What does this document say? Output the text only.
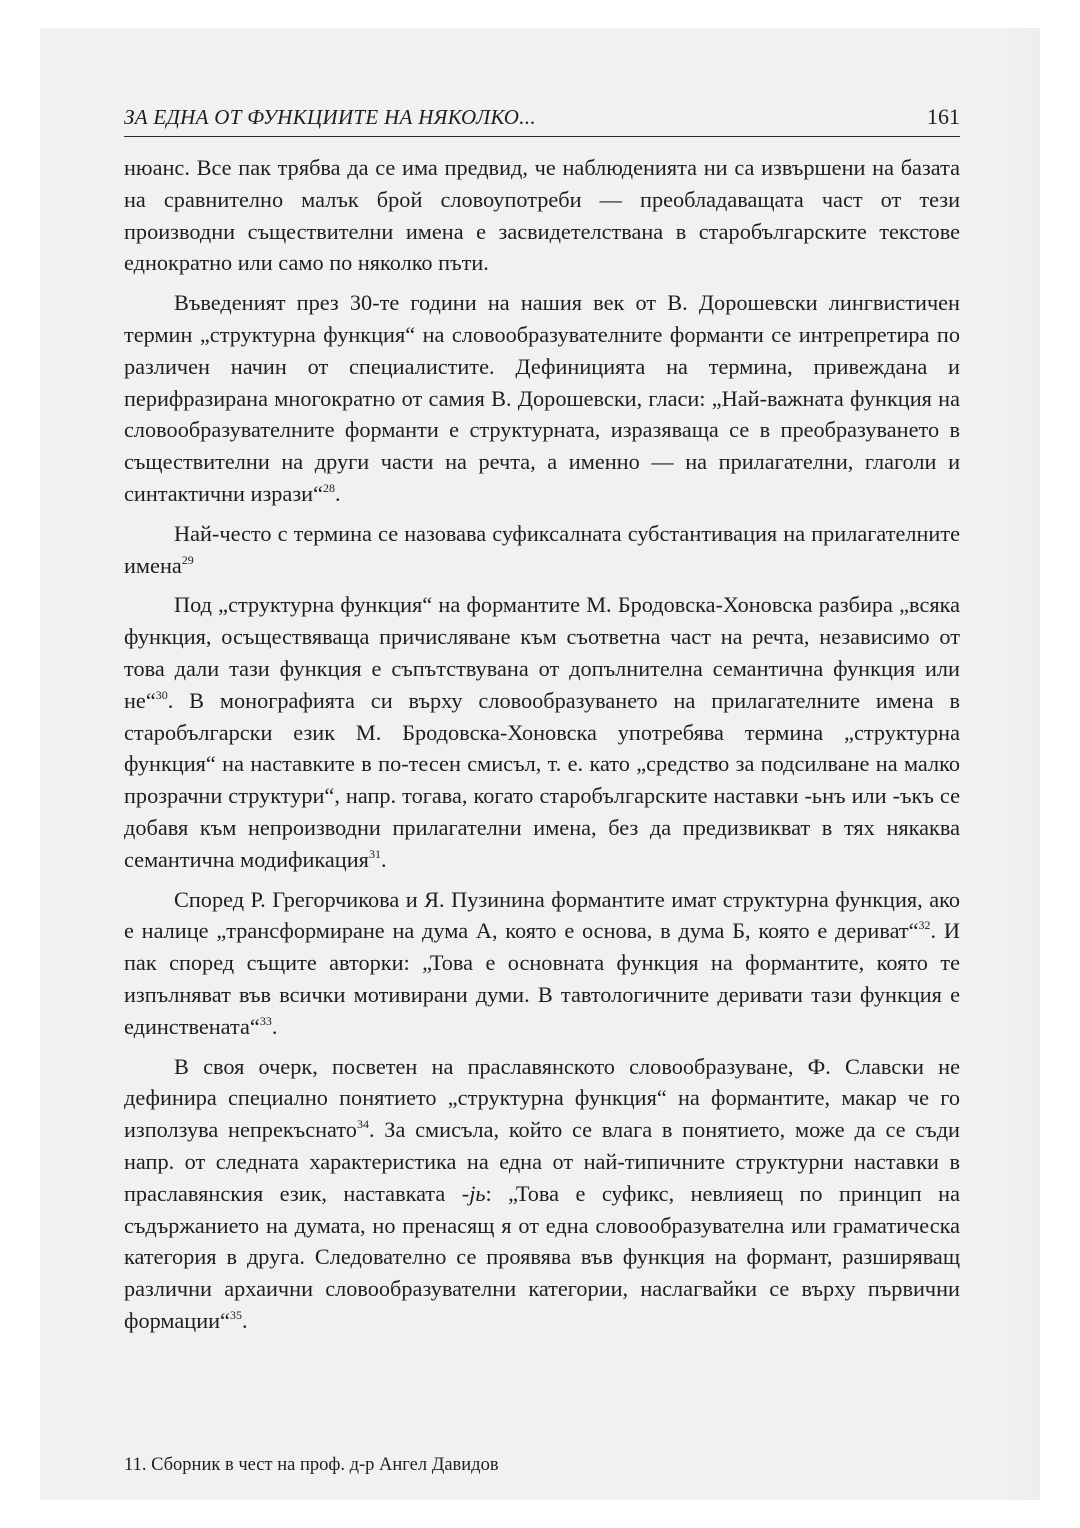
ЗА ЕДНА ОТ ФУНКЦИИТЕ НА НЯКОЛКО...	161

нюанс. Все пак трябва да се има предвид, че наблюденията ни са извършени на базата на сравнително малък брой словоупотреби — преобладаващата част от тези производни съществителни имена е засвидетелствана в старобългарските текстове еднократно или само по няколко пъти.

Въведеният през 30-те години на нашия век от В. Дорошевски лингвистичен термин „структурна функция“ на словообразувателните форманти се интрепретира по различен начин от специалистите. Дефиницията на термина, привеждана и перифразирана многократно от самия В. Дорошевски, гласи: „Най-важната функция на словообразувателните форманти е структурната, изразяваща се в преобразуването в съществителни на други части на речта, а именно — на прилагателни, глаголи и синтактични изрази“$^{28}$.

Най-често с термина се назовава суфиксалната субстантивация на прилагателните имена$^{29}$

Под „структурна функция“ на формантите М. Бродовска-Хоновска разбира „всяка функция, осъществяваща причисляване към съответна част на речта, независимо от това дали тази функция е съпътствувана от допълнителна семантична функция или не“$^{30}$. В монографията си върху словообразуването на прилагателните имена в старобългарски език М. Бродовска-Хоновска употребява термина „структурна функция“ на наставките в по-тесен смисъл, т. е. като „средство за подсилване на малко прозрачни структури“, напр. тогава, когато старобългарските наставки -ьнъ или -ъкъ се добавя към непроизводни прилагателни имена, без да предизвикват в тях някаква семантична модификация$^{31}$.

Според Р. Грегорчикова и Я. Пузинина формантите имат структурна функция, ако е налице „трансформиране на дума А, която е основа, в дума Б, която е дериват“$^{32}$. И пак според същите авторки: „Това е основната функция на формантите, която те изпълняват във всички мотивирани думи. В тавтологичните деривати тази функция е единствената“$^{33}$.

В своя очерк, посветен на праславянското словообразуване, Ф. Славски не дефинира специално понятието „структурна функция“ на формантите, макар че го използува непрекъснато$^{34}$. За смисъла, който се влага в понятието, може да се съди напр. от следната характеристика на една от най-типичните структурни наставки в праславянския език, наставката -jь: „Това е суфикс, невлияещ по принцип на съдържанието на думата, но пренасящ я от една словообразувателна или граматическа категория в друга. Следователно се проявява във функция на формант, разширяващ различни архаични словообразувателни категории, наслагвайки се върху първични формации“$^{35}$.

11. Сборник в чест на проф. д-р Ангел Давидов
